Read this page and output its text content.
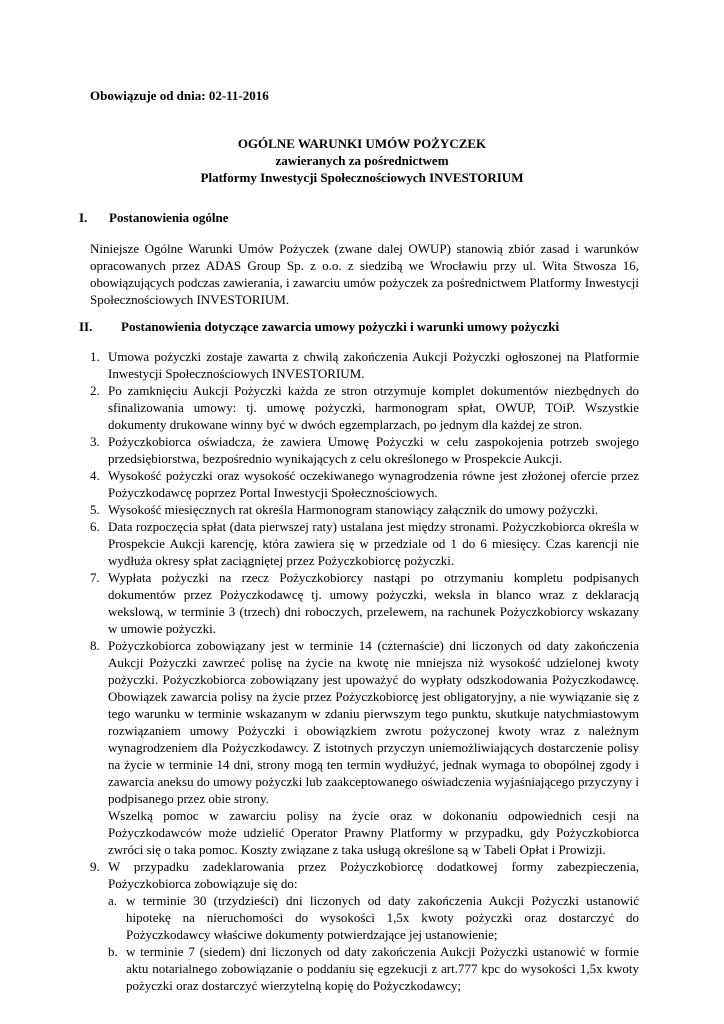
Obowiązuje od dnia: 02-11-2016
OGÓLNE WARUNKI UMÓW POŻYCZEK
zawieranych za pośrednictwem
Platformy Inwestycji Społecznościowych INVESTORIUM
I.	Postanowienia ogólne
Niniejsze Ogólne Warunki Umów Pożyczek (zwane dalej OWUP) stanowią zbiór zasad i warunków opracowanych przez ADAS Group Sp. z o.o. z siedzibą we Wrocławiu przy ul. Wita Stwosza 16, obowiązujących podczas zawierania, i zawarciu umów pożyczek za pośrednictwem Platformy Inwestycji Społecznościowych INVESTORIUM.
II.	Postanowienia dotyczące zawarcia umowy pożyczki i warunki umowy pożyczki
1. Umowa pożyczki zostaje zawarta z chwilą zakończenia Aukcji Pożyczki ogłoszonej na Platformie Inwestycji Społecznościowych INVESTORIUM.
2. Po zamknięciu Aukcji Pożyczki każda ze stron otrzymuje komplet dokumentów niezbędnych do sfinalizowania umowy: tj. umowę pożyczki, harmonogram spłat, OWUP, TOiP. Wszystkie dokumenty drukowane winny być w dwóch egzemplarzach, po jednym dla każdej ze stron.
3. Pożyczkobiorca oświadcza, że zawiera Umowę Pożyczki w celu zaspokojenia potrzeb swojego przedsiębiorstwa, bezpośrednio wynikających z celu określonego w Prospekcie Aukcji.
4. Wysokość pożyczki oraz wysokość oczekiwanego wynagrodzenia równe jest złożonej ofercie przez Pożyczkodawcę poprzez Portal Inwestycji Społecznościowych.
5. Wysokość miesięcznych rat określa Harmonogram stanowiący załącznik do umowy pożyczki.
6. Data rozpoczęcia spłat (data pierwszej raty) ustalana jest między stronami. Pożyczkobiorca określa w Prospekcie Aukcji karencję, która zawiera się w przedziale od 1 do 6 miesięcy. Czas karencji nie wydłuża okresy spłat zaciągniętej przez Pożyczkobiorcę pożyczki.
7. Wypłata pożyczki na rzecz Pożyczkobiorcy nastąpi po otrzymaniu kompletu podpisanych dokumentów przez Pożyczkodawcę tj. umowy pożyczki, weksla in blanco wraz z deklaracją wekslową, w terminie 3 (trzech) dni roboczych, przelewem, na rachunek Pożyczkobiorcy wskazany w umowie pożyczki.
8. Pożyczkobiorca zobowiązany jest w terminie 14 (czternaście) dni liczonych od daty zakończenia Aukcji Pożyczki zawrzeć polisę na życie na kwotę nie mniejsza niż wysokość udzielonej kwoty pożyczki. Pożyczkobiorca zobowiązany jest upoważyć do wypłaty odszkodowania Pożyczkodawcę. Obowiązek zawarcia polisy na życie przez Pożyczkobiorcę jest obligatoryjny, a nie wywiązanie się z tego warunku w terminie wskazanym w zdaniu pierwszym tego punktu, skutkuje natychmiastowym rozwiązaniem umowy Pożyczki i obowiązkiem zwrotu pożyczonej kwoty wraz z należnym wynagrodzeniem dla Pożyczkodawcy. Z istotnych przyczyn uniemożliwiających dostarczenie polisy na życie w terminie 14 dni, strony mogą ten termin wydłużyć, jednak wymaga to obopólnej zgody i zawarcia aneksu do umowy pożyczki lub zaakceptowanego oświadczenia wyjaśniającego przyczyny i podpisanego przez obie strony.
Wszelką pomoc w zawarciu polisy na życie oraz w dokonaniu odpowiednich cesji na Pożyczkodawców może udzielić Operator Prawny Platformy w przypadku, gdy Pożyczkobiorca zwróci się o taka pomoc. Koszty związane z taka usługą określone są w Tabeli Opłat i Prowizji.
9. W przypadku zadeklarowania przez Pożyczkobiorcę dodatkowej formy zabezpieczenia, Pożyczkobiorca zobowiązuje się do:
a. w terminie 30 (trzydzieści) dni liczonych od daty zakończenia Aukcji Pożyczki ustanowić hipotekę na nieruchomości do wysokości 1,5x kwoty pożyczki oraz dostarczyć do Pożyczkodawcy właściwe dokumenty potwierdzające jej ustanowienie;
b. w terminie 7 (siedem) dni liczonych od daty zakończenia Aukcji Pożyczki ustanowić w formie aktu notarialnego zobowiązanie o poddaniu się egzekucji z art.777 kpc do wysokości 1,5x kwoty pożyczki oraz dostarczyć wierzytelną kopię do Pożyczkodawcy;
